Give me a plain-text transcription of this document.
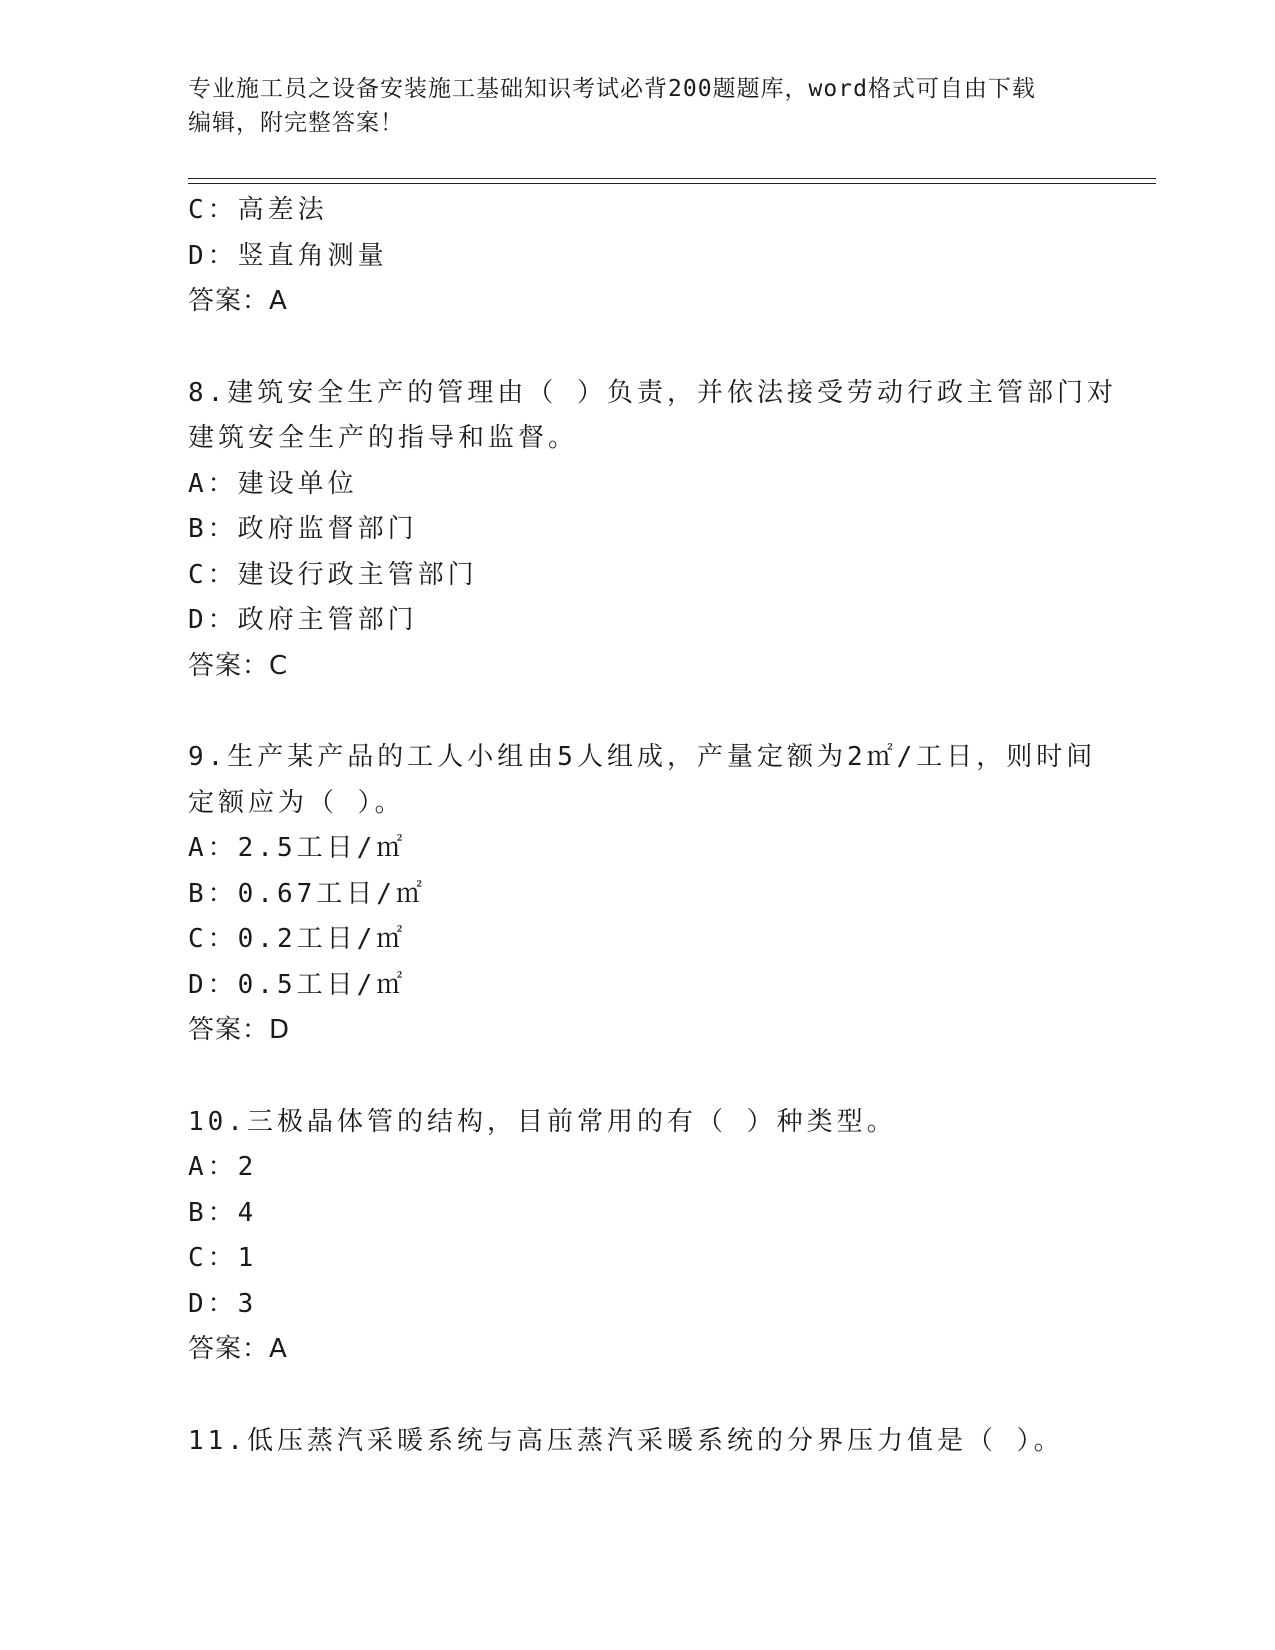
专业施工员之设备安装施工基础知识考试必背200题题库，word格式可自由下载
编辑，附完整答案！
C：高差法
D：竖直角测量
答案：A
8.建筑安全生产的管理由（ ）负责，并依法接受劳动行政主管部门对
建筑安全生产的指导和监督。
A：建设单位
B：政府监督部门
C：建设行政主管部门
D：政府主管部门
答案：C
9.生产某产品的工人小组由5人组成，产量定额为2㎡/工日，则时间
定额应为（ ）。
A：2.5工日/㎡
B：0.67工日/㎡
C：0.2工日/㎡
D：0.5工日/㎡
答案：D
10.三极晶体管的结构，目前常用的有（ ）种类型。
A：2
B：4
C：1
D：3
答案：A
11.低压蒸汽采暖系统与高压蒸汽采暖系统的分界压力值是（ ）。
